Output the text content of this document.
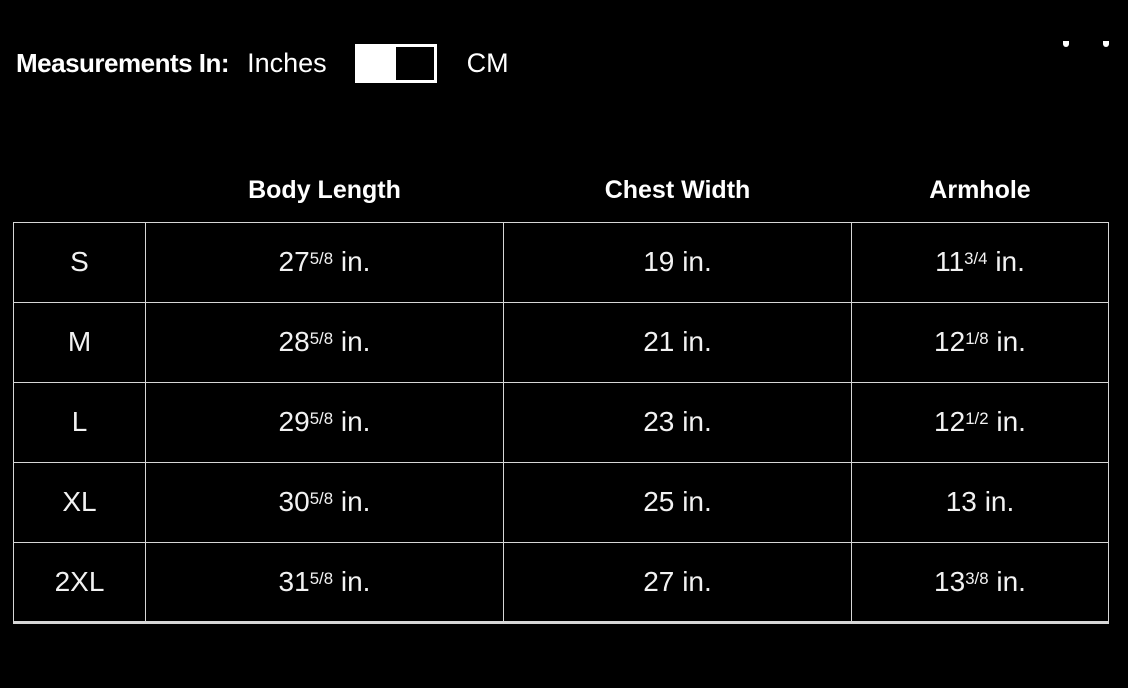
Measurements In: Inches	CM
	Body Length	Chest Width	Armhole
S	$27^{5/8}$ in.	19 in.	$11^{3/4}$ in.
M	$28^{5/8}$ in.	21 in.	$12^{1/8}$ in.
L	$29^{5/8}$ in.	23 in.	$12^{1/2}$ in.
XL	$30^{5/8}$ in.	25 in.	13 in.
2XL	$31^{5/8}$ in.	27 in.	$13^{3/8}$ in.
